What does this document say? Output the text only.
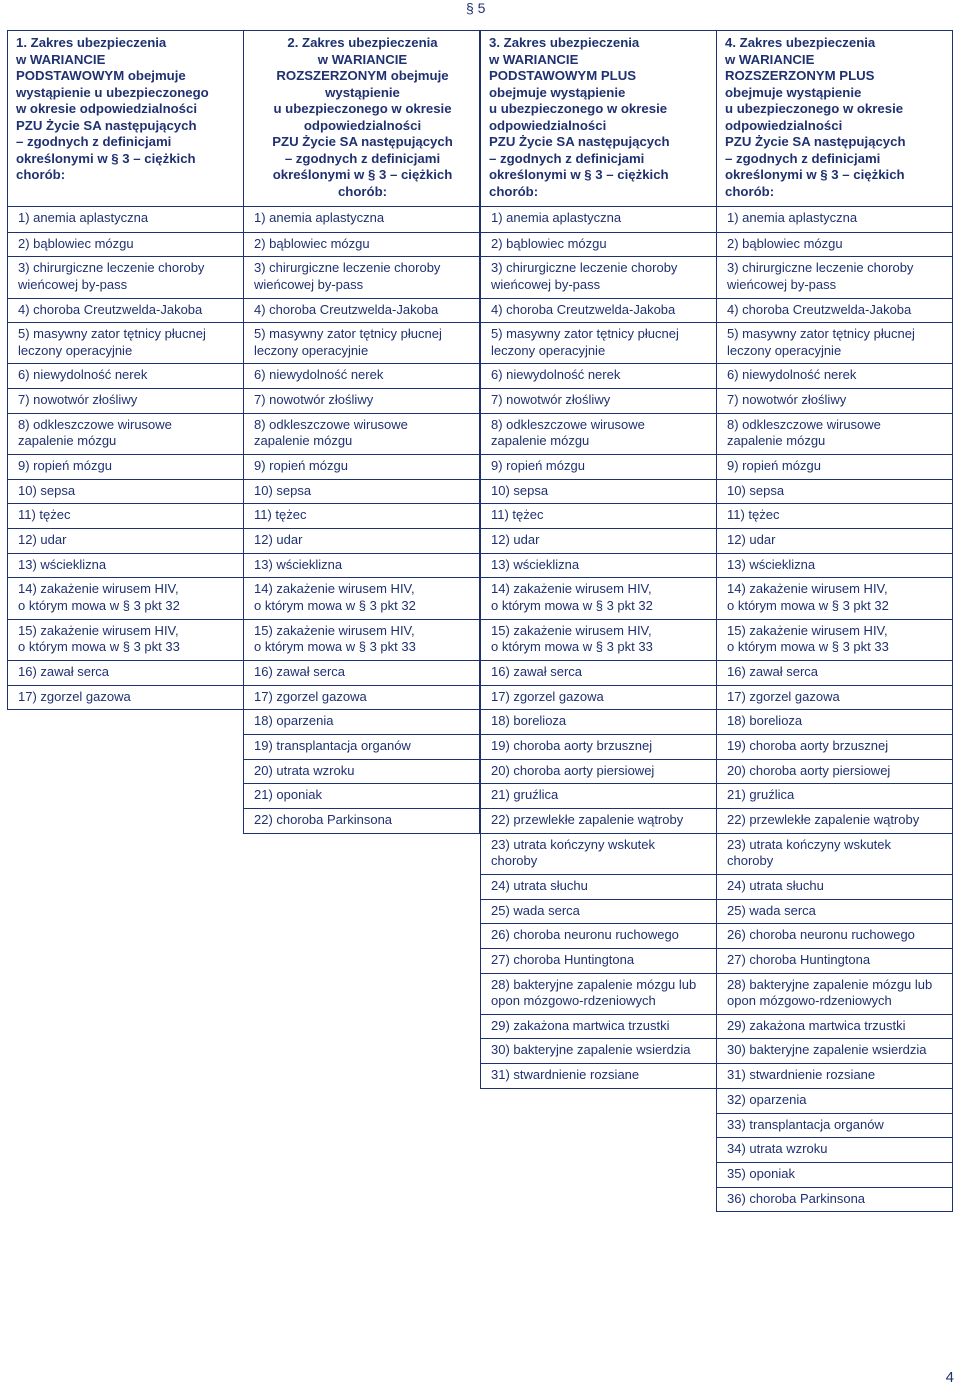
§ 5
1. Zakres ubezpieczenia
w WARIANCIE
PODSTAWOWYM obejmuje
wystąpienie u ubezpieczonego
w okresie odpowiedzialności
PZU Życie SA następujących
– zgodnych z definicjami
określonymi w § 3 – ciężkich
chorób:
1) anemia aplastyczna
2) bąblowiec mózgu
3) chirurgiczne leczenie choroby
wieńcowej by-pass
4) choroba Creutzwelda-Jakoba
5) masywny zator tętnicy płucnej
leczony operacyjnie
6) niewydolność nerek
7) nowotwór złośliwy
8) odkleszczowe wirusowe
zapalenie mózgu
9) ropień mózgu
10) sepsa
11) tężec
12) udar
13) wścieklizna
14) zakażenie wirusem HIV,
o którym mowa w § 3 pkt 32
15) zakażenie wirusem HIV,
o którym mowa w § 3 pkt 33
16) zawał serca
17) zgorzel gazowa
2. Zakres ubezpieczenia
w WARIANCIE
ROZSZERZONYM obejmuje
wystąpienie
u ubezpieczonego w okresie
odpowiedzialności
PZU Życie SA następujących
– zgodnych z definicjami
określonymi w § 3 – ciężkich
chorób:
1) anemia aplastyczna
2) bąblowiec mózgu
3) chirurgiczne leczenie choroby
wieńcowej by-pass
4) choroba Creutzwelda-Jakoba
5) masywny zator tętnicy płucnej
leczony operacyjnie
6) niewydolność nerek
7) nowotwór złośliwy
8) odkleszczowe wirusowe
zapalenie mózgu
9) ropień mózgu
10) sepsa
11) tężec
12) udar
13) wścieklizna
14) zakażenie wirusem HIV,
o którym mowa w § 3 pkt 32
15) zakażenie wirusem HIV,
o którym mowa w § 3 pkt 33
16) zawał serca
17) zgorzel gazowa
18) oparzenia
19) transplantacja organów
20) utrata wzroku
21) oponiak
22) choroba Parkinsona
3. Zakres ubezpieczenia
w WARIANCIE
PODSTAWOWYM PLUS
obejmuje wystąpienie
u ubezpieczonego w okresie
odpowiedzialności
PZU Życie SA następujących
– zgodnych z definicjami
określonymi w § 3 – ciężkich
chorób:
1) anemia aplastyczna
2) bąblowiec mózgu
3) chirurgiczne leczenie choroby
wieńcowej by-pass
4) choroba Creutzwelda-Jakoba
5) masywny zator tętnicy płucnej
leczony operacyjnie
6) niewydolność nerek
7) nowotwór złośliwy
8) odkleszczowe wirusowe
zapalenie mózgu
9) ropień mózgu
10) sepsa
11) tężec
12) udar
13) wścieklizna
14) zakażenie wirusem HIV,
o którym mowa w § 3 pkt 32
15) zakażenie wirusem HIV,
o którym mowa w § 3 pkt 33
16) zawał serca
17) zgorzel gazowa
18) borelioza
19) choroba aorty brzusznej
20) choroba aorty piersiowej
21) gruźlica
22) przewlekłe zapalenie wątroby
23) utrata kończyny wskutek
choroby
24) utrata słuchu
25) wada serca
26) choroba neuronu ruchowego
27) choroba Huntingtona
28) bakteryjne zapalenie mózgu lub
opon mózgowo-rdzeniowych
29) zakażona martwica trzustki
30) bakteryjne zapalenie wsierdzia
31) stwardnienie rozsiane
4. Zakres ubezpieczenia
w WARIANCIE
ROZSZERZONYM PLUS
obejmuje wystąpienie
u ubezpieczonego w okresie
odpowiedzialności
PZU Życie SA następujących
– zgodnych z definicjami
określonymi w § 3 – ciężkich
chorób:
1) anemia aplastyczna
2) bąblowiec mózgu
3) chirurgiczne leczenie choroby
wieńcowej by-pass
4) choroba Creutzwelda-Jakoba
5) masywny zator tętnicy płucnej
leczony operacyjnie
6) niewydolność nerek
7) nowotwór złośliwy
8) odkleszczowe wirusowe
zapalenie mózgu
9) ropień mózgu
10) sepsa
11) tężec
12) udar
13) wścieklizna
14) zakażenie wirusem HIV,
o którym mowa w § 3 pkt 32
15) zakażenie wirusem HIV,
o którym mowa w § 3 pkt 33
16) zawał serca
17) zgorzel gazowa
18) borelioza
19) choroba aorty brzusznej
20) choroba aorty piersiowej
21) gruźlica
22) przewlekłe zapalenie wątroby
23) utrata kończyny wskutek
choroby
24) utrata słuchu
25) wada serca
26) choroba neuronu ruchowego
27) choroba Huntingtona
28) bakteryjne zapalenie mózgu lub
opon mózgowo-rdzeniowych
29) zakażona martwica trzustki
30) bakteryjne zapalenie wsierdzia
31) stwardnienie rozsiane
32) oparzenia
33) transplantacja organów
34) utrata wzroku
35) oponiak
36) choroba Parkinsona
4
